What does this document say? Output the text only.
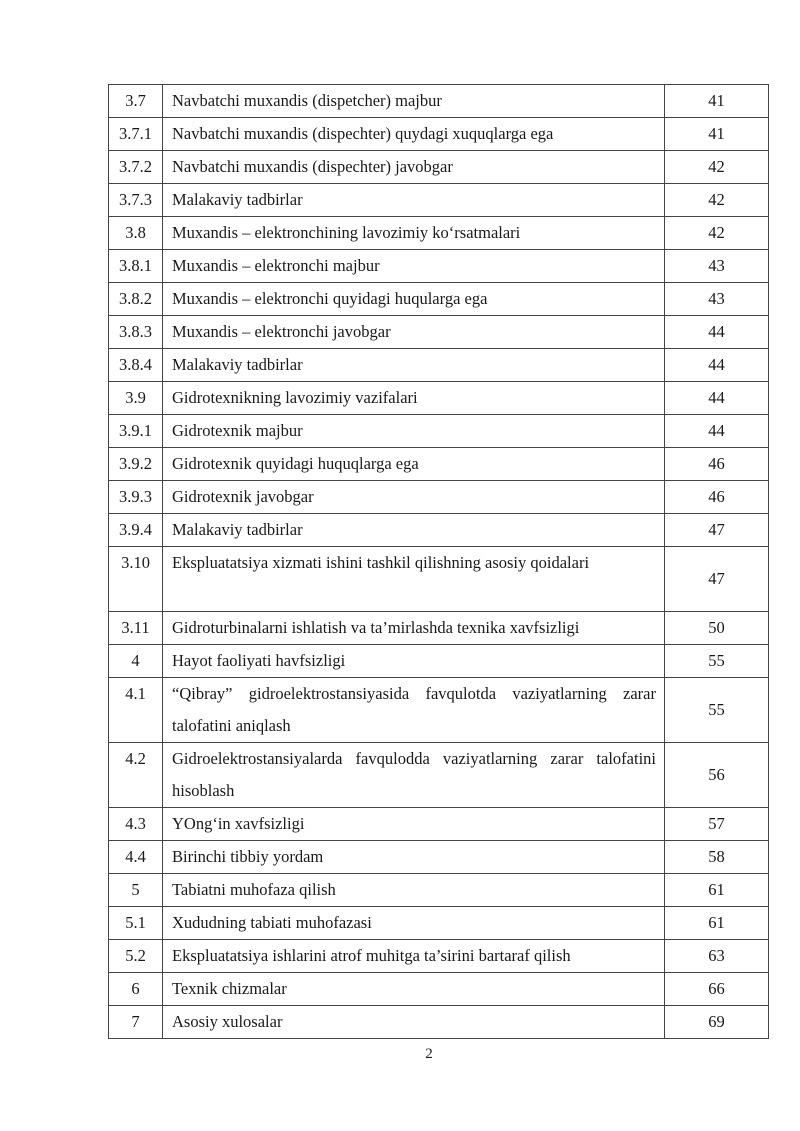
3.7	Navbatchi muxandis (dispetcher) majbur	41
3.7.1	Navbatchi muxandis (dispechter) quydagi xuquqlarga ega	41
3.7.2	Navbatchi muxandis (dispechter) javobgar	42
3.7.3	Malakaviy tadbirlar	42
3.8	Muxandis – elektronchining lavozimiy ko‘rsatmalari	42
3.8.1	Muxandis – elektronchi majbur	43
3.8.2	Muxandis – elektronchi quyidagi huqularga ega	43
3.8.3	Muxandis – elektronchi javobgar	44
3.8.4	Malakaviy tadbirlar	44
3.9	Gidrotexnikning lavozimiy vazifalari	44
3.9.1	Gidrotexnik majbur	44
3.9.2	Gidrotexnik quyidagi huquqlarga ega	46
3.9.3	Gidrotexnik javobgar	46
3.9.4	Malakaviy tadbirlar	47
3.10	Ekspluatatsiya xizmati ishini tashkil qilishning asosiy qoidalari	47
3.11	Gidroturbinalarni ishlatish va ta’mirlashda texnika xavfsizligi	50
4	Hayot faoliyati havfsizligi	55
4.1	“Qibray” gidroelektrostansiyasida favqulotda vaziyatlarning zarar talofatini aniqlash	55
4.2	Gidroelektrostansiyalarda favqulodda vaziyatlarning zarar talofatini hisoblash	56
4.3	YOng‘in xavfsizligi	57
4.4	Birinchi tibbiy yordam	58
5	Tabiatni muhofaza qilish	61
5.1	Xududning tabiati muhofazasi	61
5.2	Ekspluatatsiya ishlarini atrof muhitga ta’sirini bartaraf qilish	63
6	Texnik chizmalar	66
7	Asosiy xulosalar	69
2
